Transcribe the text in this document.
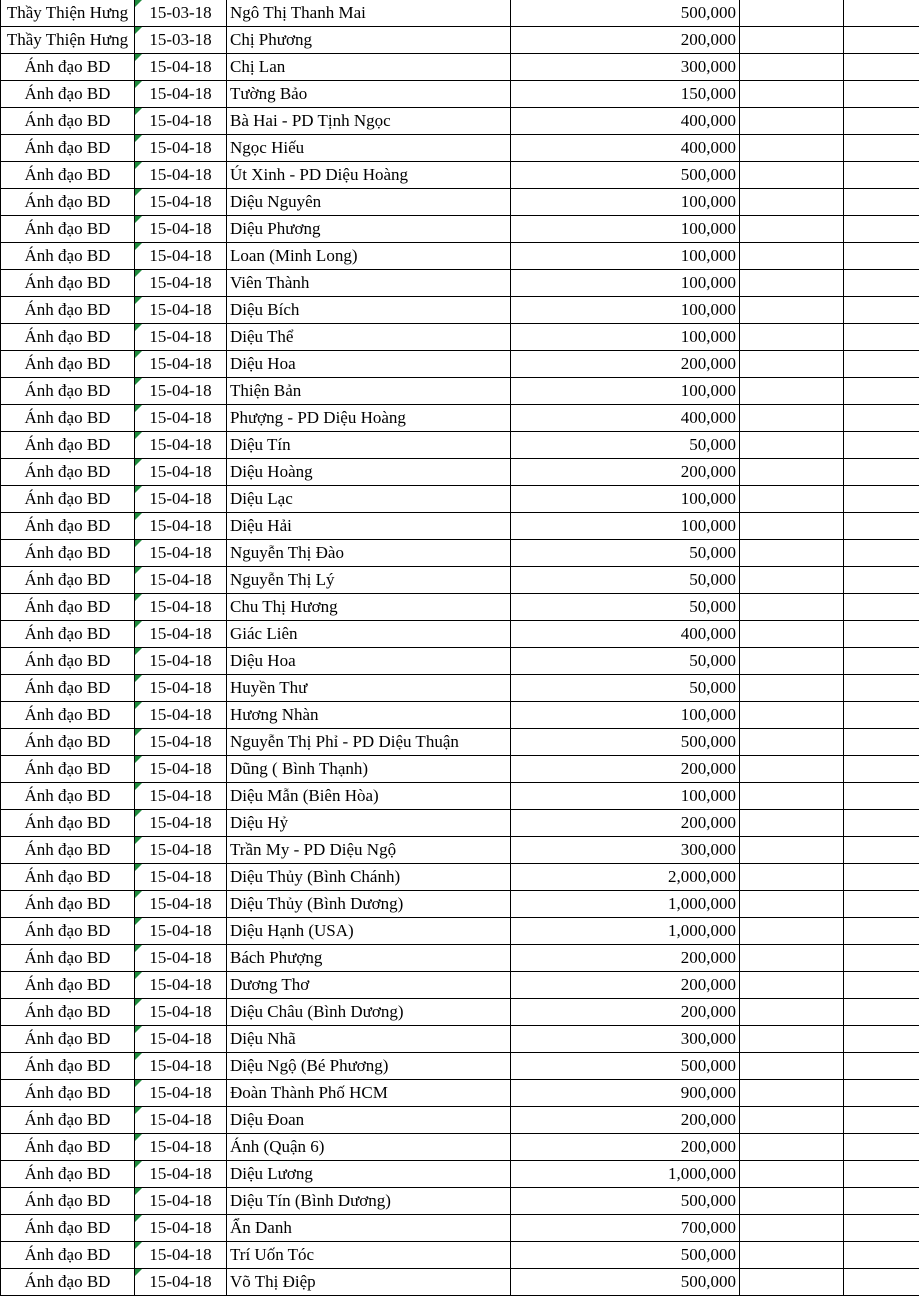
Thầy Thiện Hưng	15-03-18	Ngô Thị Thanh Mai	500,000		
Thầy Thiện Hưng	15-03-18	Chị Phương	200,000		
Ánh đạo BD	15-04-18	Chị Lan	300,000		
Ánh đạo BD	15-04-18	Tường Bảo	150,000		
Ánh đạo BD	15-04-18	Bà Hai - PD Tịnh Ngọc	400,000		
Ánh đạo BD	15-04-18	Ngọc Hiếu	400,000		
Ánh đạo BD	15-04-18	Út Xinh - PD Diệu Hoàng	500,000		
Ánh đạo BD	15-04-18	Diệu Nguyên	100,000		
Ánh đạo BD	15-04-18	Diệu Phương	100,000		
Ánh đạo BD	15-04-18	Loan (Minh Long)	100,000		
Ánh đạo BD	15-04-18	Viên Thành	100,000		
Ánh đạo BD	15-04-18	Diệu Bích	100,000		
Ánh đạo BD	15-04-18	Diệu Thể	100,000		
Ánh đạo BD	15-04-18	Diệu Hoa	200,000		
Ánh đạo BD	15-04-18	Thiện Bản	100,000		
Ánh đạo BD	15-04-18	Phượng - PD Diệu Hoàng	400,000		
Ánh đạo BD	15-04-18	Diệu Tín	50,000		
Ánh đạo BD	15-04-18	Diệu Hoàng	200,000		
Ánh đạo BD	15-04-18	Diệu Lạc	100,000		
Ánh đạo BD	15-04-18	Diệu Hải	100,000		
Ánh đạo BD	15-04-18	Nguyễn Thị Đào	50,000		
Ánh đạo BD	15-04-18	Nguyễn Thị Lý	50,000		
Ánh đạo BD	15-04-18	Chu Thị Hương	50,000		
Ánh đạo BD	15-04-18	Giác Liên	400,000		
Ánh đạo BD	15-04-18	Diệu Hoa	50,000		
Ánh đạo BD	15-04-18	Huyền Thư	50,000		
Ánh đạo BD	15-04-18	Hương Nhàn	100,000		
Ánh đạo BD	15-04-18	Nguyễn Thị Phỉ - PD Diệu Thuận	500,000		
Ánh đạo BD	15-04-18	Dũng ( Bình Thạnh)	200,000		
Ánh đạo BD	15-04-18	Diệu Mẫn (Biên Hòa)	100,000		
Ánh đạo BD	15-04-18	Diệu Hỷ	200,000		
Ánh đạo BD	15-04-18	Trần My - PD Diệu Ngộ	300,000		
Ánh đạo BD	15-04-18	Diệu Thủy (Bình Chánh)	2,000,000		
Ánh đạo BD	15-04-18	Diệu Thủy (Bình Dương)	1,000,000		
Ánh đạo BD	15-04-18	Diệu Hạnh (USA)	1,000,000		
Ánh đạo BD	15-04-18	Bách Phượng	200,000		
Ánh đạo BD	15-04-18	Dương Thơ	200,000		
Ánh đạo BD	15-04-18	Diệu Châu (Bình Dương)	200,000		
Ánh đạo BD	15-04-18	Diệu Nhã	300,000		
Ánh đạo BD	15-04-18	Diệu Ngộ (Bé Phương)	500,000		
Ánh đạo BD	15-04-18	Đoàn Thành Phố HCM	900,000		
Ánh đạo BD	15-04-18	Diệu Đoan	200,000		
Ánh đạo BD	15-04-18	Ánh (Quận 6)	200,000		
Ánh đạo BD	15-04-18	Diệu Lương	1,000,000		
Ánh đạo BD	15-04-18	Diệu Tín (Bình Dương)	500,000		
Ánh đạo BD	15-04-18	Ẩn Danh	700,000		
Ánh đạo BD	15-04-18	Trí Uốn Tóc	500,000		
Ánh đạo BD	15-04-18	Võ Thị Điệp	500,000		
